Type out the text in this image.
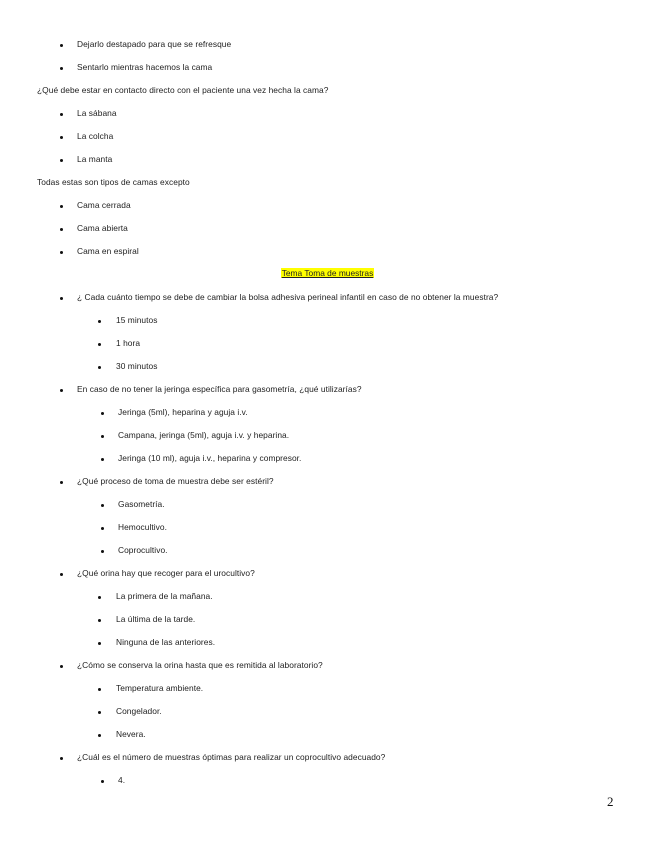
Dejarlo destapado para que se refresque
Sentarlo mientras hacemos la cama
¿Qué debe estar en contacto directo con el paciente una vez hecha la cama?
La sábana
La colcha
La manta
Todas estas son tipos de camas excepto
Cama cerrada
Cama abierta
Cama en espiral
Tema Toma de muestras
¿ Cada cuánto tiempo se debe de cambiar la bolsa adhesiva perineal infantil en caso de no obtener la muestra?
15 minutos
1 hora
30 minutos
En caso de no tener la jeringa específica para gasometría, ¿qué utilizarías?
Jeringa (5ml), heparina y aguja i.v.
Campana, jeringa (5ml), aguja i.v. y heparina.
Jeringa (10 ml), aguja i.v., heparina y compresor.
¿Qué proceso de toma de muestra debe ser estéril?
Gasometría.
Hemocultivo.
Coprocultivo.
¿Qué orina hay que recoger para el urocultivo?
La primera de la mañana.
La última de la tarde.
Ninguna de las anteriores.
¿Cómo se conserva la orina hasta que es remitida al laboratorio?
Temperatura ambiente.
Congelador.
Nevera.
¿Cuál es el número de muestras óptimas para realizar un coprocultivo adecuado?
4.
2
